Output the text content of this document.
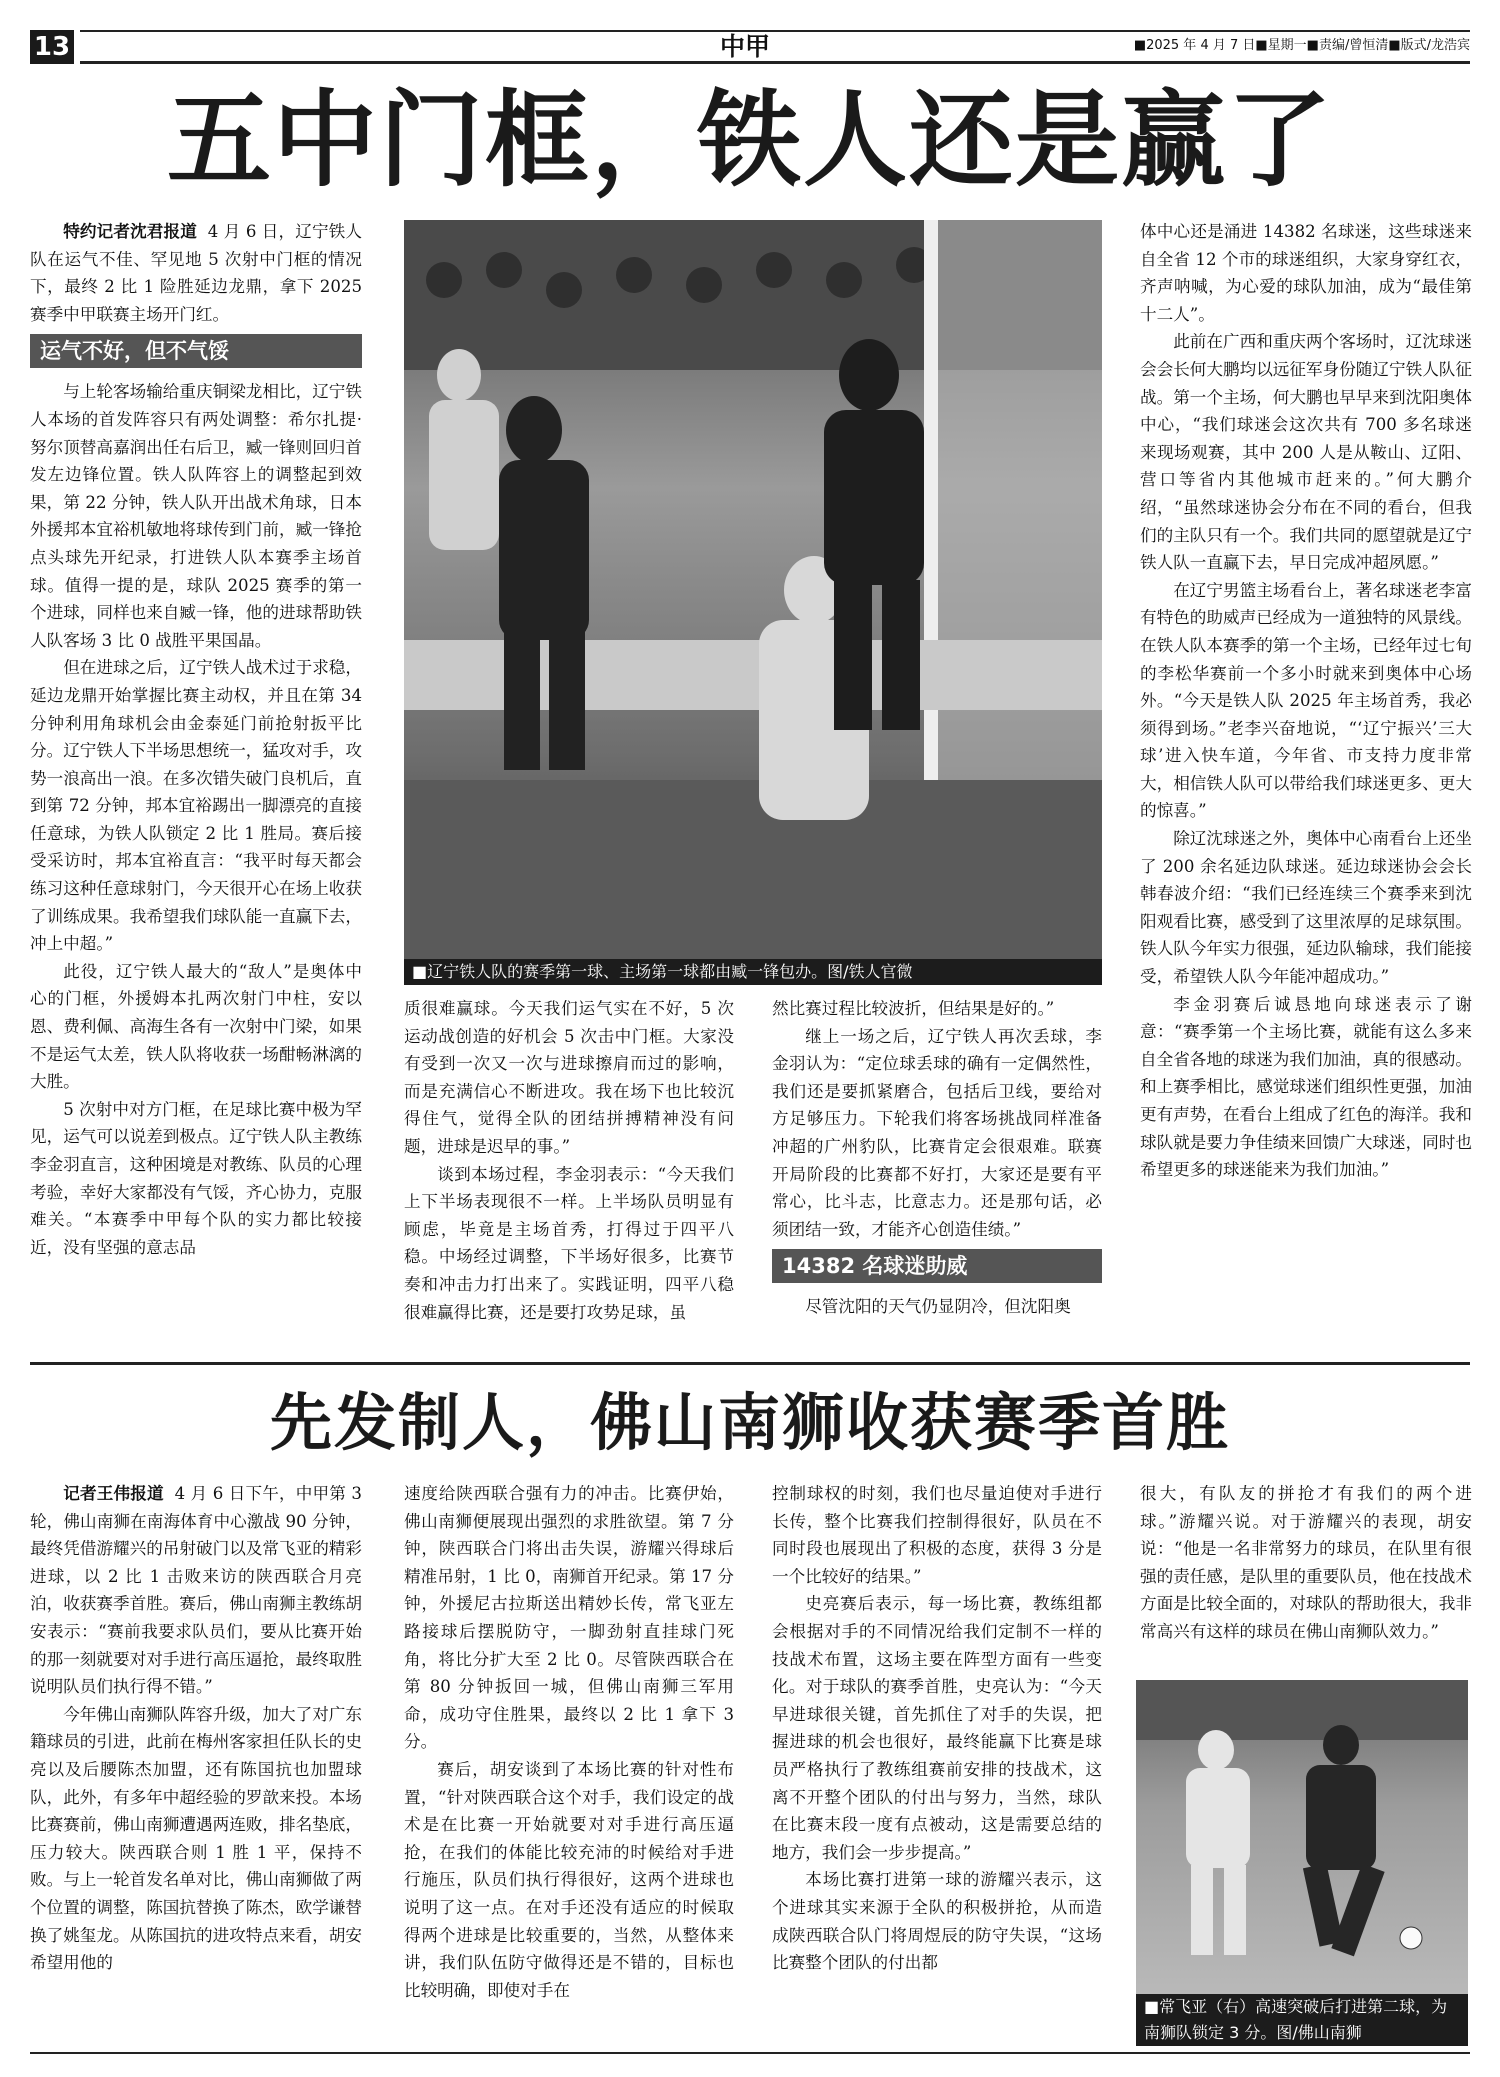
13	中甲	■2025 年 4 月 7 日■星期一■责编/曾恒清■版式/龙浩宾
五中门框，铁人还是赢了

特约记者沈君报道 4 月 6 日，辽宁铁人队在运气不佳、罕见地 5 次射中门框的情况下，最终 2 比 1 险胜延边龙鼎，拿下 2025 赛季中甲联赛主场开门红。

运气不好，但不气馁

与上轮客场输给重庆铜梁龙相比，辽宁铁人本场的首发阵容只有两处调整：希尔扎提·努尔顶替高嘉润出任右后卫，臧一锋则回归首发左边锋位置。铁人队阵容上的调整起到效果，第 22 分钟，铁人队开出战术角球，日本外援邦本宜裕机敏地将球传到门前，臧一锋抢点头球先开纪录，打进铁人队本赛季主场首球。值得一提的是，球队 2025 赛季的第一个进球，同样也来自臧一锋，他的进球帮助铁人队客场 3 比 0 战胜平果国晶。

但在进球之后，辽宁铁人战术过于求稳，延边龙鼎开始掌握比赛主动权，并且在第 34 分钟利用角球机会由金泰延门前抢射扳平比分。辽宁铁人下半场思想统一，猛攻对手，攻势一浪高出一浪。在多次错失破门良机后，直到第 72 分钟，邦本宜裕踢出一脚漂亮的直接任意球，为铁人队锁定 2 比 1 胜局。赛后接受采访时，邦本宜裕直言：“我平时每天都会练习这种任意球射门，今天很开心在场上收获了训练成果。我希望我们球队能一直赢下去，冲上中超。”

此役，辽宁铁人最大的“敌人”是奥体中心的门框，外援姆本扎两次射门中柱，安以恩、费利佩、高海生各有一次射中门梁，如果不是运气太差，铁人队将收获一场酣畅淋漓的大胜。

5 次射中对方门框，在足球比赛中极为罕见，运气可以说差到极点。辽宁铁人队主教练李金羽直言，这种困境是对教练、队员的心理考验，幸好大家都没有气馁，齐心协力，克服难关。“本赛季中甲每个队的实力都比较接近，没有坚强的意志品

■辽宁铁人队的赛季第一球、主场第一球都由臧一锋包办。图/铁人官微

质很难赢球。今天我们运气实在不好，5 次运动战创造的好机会 5 次击中门框。大家没有受到一次又一次与进球擦肩而过的影响，而是充满信心不断进攻。我在场下也比较沉得住气，觉得全队的团结拼搏精神没有问题，进球是迟早的事。”

谈到本场过程，李金羽表示：“今天我们上下半场表现很不一样。上半场队员明显有顾虑，毕竟是主场首秀，打得过于四平八稳。中场经过调整，下半场好很多，比赛节奏和冲击力打出来了。实践证明，四平八稳很难赢得比赛，还是要打攻势足球，虽

然比赛过程比较波折，但结果是好的。”

继上一场之后，辽宁铁人再次丢球，李金羽认为：“定位球丢球的确有一定偶然性，我们还是要抓紧磨合，包括后卫线，要给对方足够压力。下轮我们将客场挑战同样准备冲超的广州豹队，比赛肯定会很艰难。联赛开局阶段的比赛都不好打，大家还是要有平常心，比斗志，比意志力。还是那句话，必须团结一致，才能齐心创造佳绩。”

14382 名球迷助威

尽管沈阳的天气仍显阴冷，但沈阳奥

体中心还是涌进 14382 名球迷，这些球迷来自全省 12 个市的球迷组织，大家身穿红衣，齐声呐喊，为心爱的球队加油，成为“最佳第十二人”。

此前在广西和重庆两个客场时，辽沈球迷会会长何大鹏均以远征军身份随辽宁铁人队征战。第一个主场，何大鹏也早早来到沈阳奥体中心，“我们球迷会这次共有 700 多名球迷来现场观赛，其中 200 人是从鞍山、辽阳、营口等省内其他城市赶来的。”何大鹏介绍，“虽然球迷协会分布在不同的看台，但我们的主队只有一个。我们共同的愿望就是辽宁铁人队一直赢下去，早日完成冲超夙愿。”

在辽宁男篮主场看台上，著名球迷老李富有特色的助威声已经成为一道独特的风景线。在铁人队本赛季的第一个主场，已经年过七旬的李松华赛前一个多小时就来到奥体中心场外。“今天是铁人队 2025 年主场首秀，我必须得到场。”老李兴奋地说，“‘辽宁振兴’三大球’进入快车道，今年省、市支持力度非常大，相信铁人队可以带给我们球迷更多、更大的惊喜。”

除辽沈球迷之外，奥体中心南看台上还坐了 200 余名延边队球迷。延边球迷协会会长韩春波介绍：“我们已经连续三个赛季来到沈阳观看比赛，感受到了这里浓厚的足球氛围。铁人队今年实力很强，延边队输球，我们能接受，希望铁人队今年能冲超成功。”

李金羽赛后诚恳地向球迷表示了谢意：“赛季第一个主场比赛，就能有这么多来自全省各地的球迷为我们加油，真的很感动。和上赛季相比，感觉球迷们组织性更强，加油更有声势，在看台上组成了红色的海洋。我和球队就是要力争佳绩来回馈广大球迷，同时也希望更多的球迷能来为我们加油。”

先发制人，佛山南狮收获赛季首胜

记者王伟报道 4 月 6 日下午，中甲第 3 轮，佛山南狮在南海体育中心激战 90 分钟，最终凭借游耀兴的吊射破门以及常飞亚的精彩进球，以 2 比 1 击败来访的陕西联合月亮泊，收获赛季首胜。赛后，佛山南狮主教练胡安表示：“赛前我要求队员们，要从比赛开始的那一刻就要对对手进行高压逼抢，最终取胜说明队员们执行得不错。”

今年佛山南狮队阵容升级，加大了对广东籍球员的引进，此前在梅州客家担任队长的史亮以及后腰陈杰加盟，还有陈国抗也加盟球队，此外，有多年中超经验的罗歆来投。本场比赛赛前，佛山南狮遭遇两连败，排名垫底，压力较大。陕西联合则 1 胜 1 平，保持不败。与上一轮首发名单对比，佛山南狮做了两个位置的调整，陈国抗替换了陈杰，欧学谦替换了姚玺龙。从陈国抗的进攻特点来看，胡安希望用他的

速度给陕西联合强有力的冲击。比赛伊始，佛山南狮便展现出强烈的求胜欲望。第 7 分钟，陕西联合门将出击失误，游耀兴得球后精准吊射，1 比 0，南狮首开纪录。第 17 分钟，外援尼古拉斯送出精妙长传，常飞亚左路接球后摆脱防守，一脚劲射直挂球门死角，将比分扩大至 2 比 0。尽管陕西联合在第 80 分钟扳回一城，但佛山南狮三军用命，成功守住胜果，最终以 2 比 1 拿下 3 分。

赛后，胡安谈到了本场比赛的针对性布置，“针对陕西联合这个对手，我们设定的战术是在比赛一开始就要对对手进行高压逼抢，在我们的体能比较充沛的时候给对手进行施压，队员们执行得很好，这两个进球也说明了这一点。在对手还没有适应的时候取得两个进球是比较重要的，当然，从整体来讲，我们队伍防守做得还是不错的，目标也比较明确，即使对手在

控制球权的时刻，我们也尽量迫使对手进行长传，整个比赛我们控制得很好，队员在不同时段也展现出了积极的态度，获得 3 分是一个比较好的结果。”

史亮赛后表示，每一场比赛，教练组都会根据对手的不同情况给我们定制不一样的技战术布置，这场主要在阵型方面有一些变化。对于球队的赛季首胜，史亮认为：“今天早进球很关键，首先抓住了对手的失误，把握进球的机会也很好，最终能赢下比赛是球员严格执行了教练组赛前安排的技战术，这离不开整个团队的付出与努力，当然，球队在比赛末段一度有点被动，这是需要总结的地方，我们会一步步提高。”

本场比赛打进第一球的游耀兴表示，这个进球其实来源于全队的积极拼抢，从而造成陕西联合队门将周煜辰的防守失误，“这场比赛整个团队的付出都

很大，有队友的拼抢才有我们的两个进球。”游耀兴说。对于游耀兴的表现，胡安说：“他是一名非常努力的球员，在队里有很强的责任感，是队里的重要队员，他在技战术方面是比较全面的，对球队的帮助很大，我非常高兴有这样的球员在佛山南狮队效力。”

■常飞亚（右）高速突破后打进第二球，为南狮队锁定 3 分。图/佛山南狮
